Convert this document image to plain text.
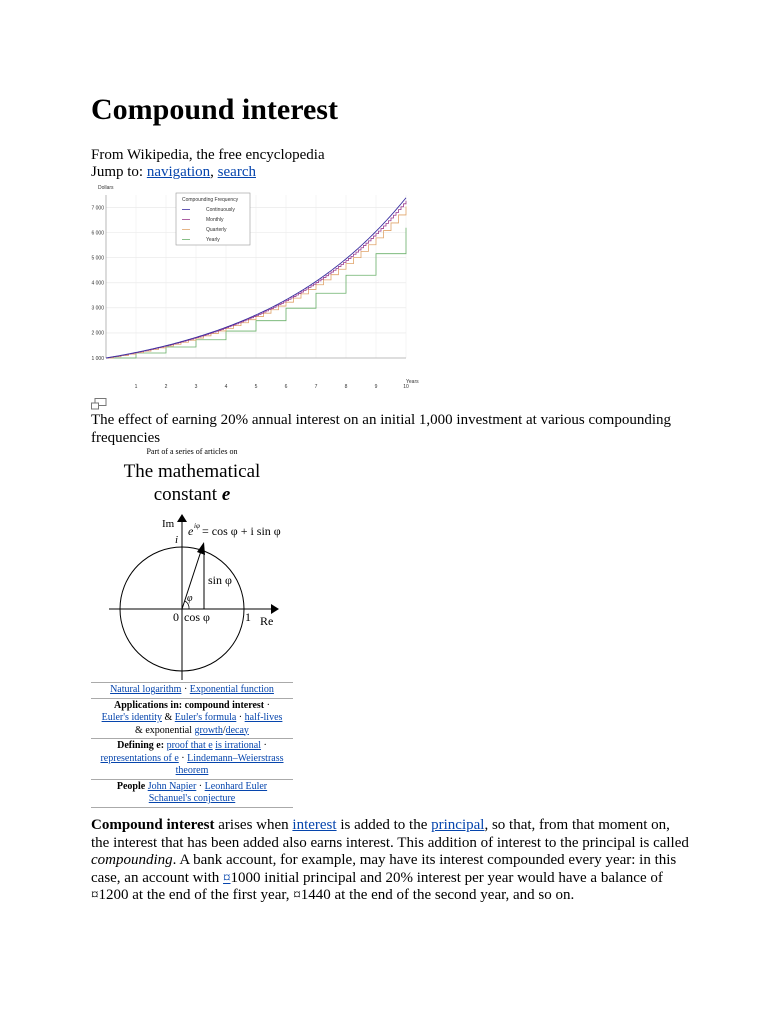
Compound interest
From Wikipedia, the free encyclopedia
Jump to: navigation, search
1 000
2 000
3 000
4 000
5 000
6 000
7 000
1	2	3	4	5	6	7	8	9	10
Dollars
Years
Compounding Frequency
Continuously
Monthly
Quarterly
Yearly
The effect of earning 20% annual interest on an initial 1,000 investment at various compounding frequencies
Part of a series of articles on
The mathematical
constant e
Im
i
e iφ = cos φ + i sin φ
sin φ
φ
0 cos φ	1 Re
Natural logarithm · Exponential function
Applications in: compound interest ·
Euler's identity & Euler's formula · half-lives
& exponential growth/decay
Defining e: proof that e is irrational ·
representations of e · Lindemann–Weierstrass theorem
People John Napier · Leonhard Euler
Schanuel's conjecture

Compound interest arises when interest is added to the principal, so that, from that moment on, the interest that has been added also earns interest. This addition of interest to the principal is called compounding. A bank account, for example, may have its interest compounded every year: in this case, an account with ¤1000 initial principal and 20% interest per year would have a balance of ¤1200 at the end of the first year, ¤1440 at the end of the second year, and so on.
